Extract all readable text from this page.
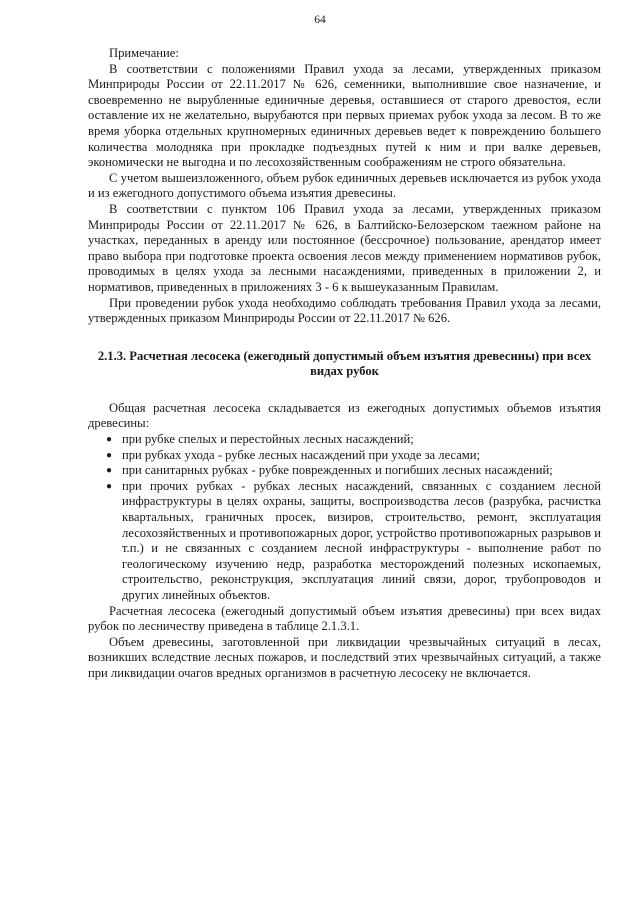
64

Примечание:

В соответствии с положениями Правил ухода за лесами, утвержденных приказом Минприроды России от 22.11.2017 № 626, семенники, выполнившие свое назначение, и своевременно не вырубленные единичные деревья, оставшиеся от старого древостоя, если оставление их не желательно, вырубаются при первых приемах рубок ухода за лесом. В то же время уборка отдельных крупномерных единичных деревьев ведет к повреждению большего количества молодняка при прокладке подъездных путей к ним и при валке деревьев, экономически не выгодна и по лесохозяйственным соображениям не строго обязательна.

С учетом вышеизложенного, объем рубок единичных деревьев исключается из рубок ухода и из ежегодного допустимого объема изъятия древесины.

В соответствии с пунктом 106 Правил ухода за лесами, утвержденных приказом Минприроды России от 22.11.2017 № 626, в Балтийско-Белозерском таежном районе на участках, переданных в аренду или постоянное (бессрочное) пользование, арендатор имеет право выбора при подготовке проекта освоения лесов между применением нормативов рубок, проводимых в целях ухода за лесными насаждениями, приведенных в приложении 2, и нормативов, приведенных в приложениях 3 - 6 к вышеуказанным Правилам.

При проведении рубок ухода необходимо соблюдать требования Правил ухода за лесами, утвержденных приказом Минприроды России от 22.11.2017 № 626.

2.1.3. Расчетная лесосека (ежегодный допустимый объем изъятия древесины) при всех видах рубок

Общая расчетная лесосека складывается из ежегодных допустимых объемов изъятия древесины:

● при рубке спелых и перестойных лесных насаждений;
● при рубках ухода - рубке лесных насаждений при уходе за лесами;
● при санитарных рубках - рубке поврежденных и погибших лесных насаждений;
● при прочих рубках - рубках лесных насаждений, связанных с созданием лесной инфраструктуры в целях охраны, защиты, воспроизводства лесов (разрубка, расчистка квартальных, граничных просек, визиров, строительство, ремонт, эксплуатация лесохозяйственных и противопожарных дорог, устройство противопожарных разрывов и т.п.) и не связанных с созданием лесной инфраструктуры - выполнение работ по геологическому изучению недр, разработка месторождений полезных ископаемых, строительство, реконструкция, эксплуатация линий связи, дорог, трубопроводов и других линейных объектов.

Расчетная лесосека (ежегодный допустимый объем изъятия древесины) при всех видах рубок по лесничеству приведена в таблице 2.1.3.1.

Объем древесины, заготовленной при ликвидации чрезвычайных ситуаций в лесах, возникших вследствие лесных пожаров, и последствий этих чрезвычайных ситуаций, а также при ликвидации очагов вредных организмов в расчетную лесосеку не включается.
